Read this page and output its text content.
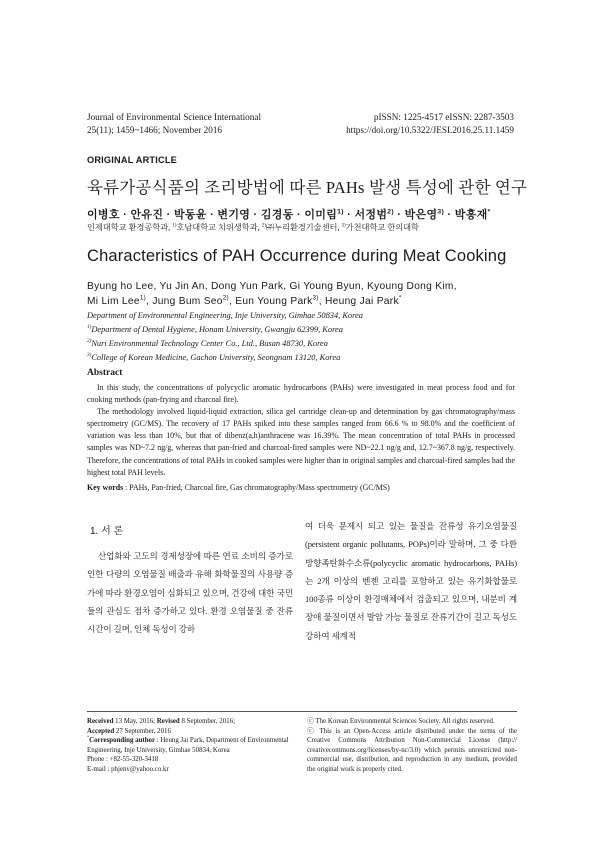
Journal of Environmental Science International
25(11); 1459~1466; November 2016
pISSN: 1225-4517 eISSN: 2287-3503
https://doi.org/10.5322/JESI.2016.25.11.1459
ORIGINAL ARTICLE
육류가공식품의 조리방법에 따른 PAHs 발생 특성에 관한 연구
이병호 · 안유진 · 박동윤 · 변기영 · 김경동 · 이미림$^{1)}$ · 서정범$^{2)}$ · 박은영$^{3)}$ · 박흥재*
인제대학교 환경공학과, $^{1)}$호남대학교 치위생학과, $^{2)}$㈜누리환경기술센터, $^{3)}$가천대학교 한의대학
Characteristics of PAH Occurrence during Meat Cooking
Byung ho Lee, Yu Jin An, Dong Yun Park, Gi Young Byun, Kyoung Dong Kim,
Mi Lim Lee$^{1)}$, Jung Bum Seo$^{2)}$, Eun Young Park$^{3)}$, Heung Jai Park*
Department of Environmental Engineering, Inje University, Gimhae 50834, Korea
$^{1)}$Department of Dental Hygiene, Honam University, Gwangju 62399, Korea
$^{2)}$Nuri Environmental Technology Center Co., Ltd., Busan 48730, Korea
$^{3)}$College of Korean Medicine, Gachon University, Seongnam 13120, Korea
Abstract

In this study, the concentrations of polycyclic aromatic hydrocarbons (PAHs) were investigated in meat process food and for cooking methods (pan-frying and charcoal fire).

The methodology involved liquid-liquid extraction, silica gel cartridge clean-up and determination by gas chromatography/mass spectrometry (GC/MS). The recovery of 17 PAHs spiked into these samples ranged from 66.6 % to 98.0% and the coefficient of variation was less than 10%, but that of dibenz(a,h)anthracene was 16.39%. The mean concentration of total PAHs in processed samples was ND~7.2 ng/g, whereas that pan-fried and charcoal-fired samples were ND~22.1 ng/g and, 12.7~367.8 ng/g, respectively. Therefore, the concentrations of total PAHs in cooked samples were higher than in original samples and charcoal-fired samples had the highest total PAH levels.

Key words : PAHs, Pan-fried, Charcoal fire, Gas chromatography/Mass spectrometry (GC/MS)
1. 서 론

산업화와 고도의 경제성장에 따른 연료 소비의 증가로 인한 다량의 오염물질 배출과 유해 화학물질의 사용량 증가에 따라 환경오염이 심화되고 있으며, 건강에 대한 국민들의 관심도 점차 증가하고 있다. 환경 오염물질 중 잔류 시간이 길며, 인체 독성이 강하

여 더욱 문제시 되고 있는 물질을 잔류성 유기오염물질(persistent organic pollutants, POPs)이라 말하며, 그 중 다환방향족탄화수소류(polycyclic aromatic hydrocarbons, PAHs)는 2개 이상의 벤젠 고리를 포함하고 있는 유기화합물로 100종류 이상이 환경매체에서 검출되고 있으며, 내분비 계장애 물질이면서 발암 가능 물질로 잔류기간이 길고 독성도 강하여 세계적
Received 13 May, 2016; Revised 8 September, 2016;
Accepted 27 September, 2016
*Corresponding author : Heung Jai Park, Department of Environmental Engineering, Inje University, Gimhae 50834, Korea
Phone : +82-55-320-3418
E-mail : phjenv@yahoo.co.kr
ⓒ The Korean Environmental Sciences Society. All rights reserved.
ⓒ This is an Open-Access article distributed under the terms of the Creative Commons Attribution Non-Commercial License (http:// creativecommons.org/licenses/by-nc/3.0) which permits unrestricted non-commercial use, distribution, and reproduction in any medium, provided the original work is properly cited.
